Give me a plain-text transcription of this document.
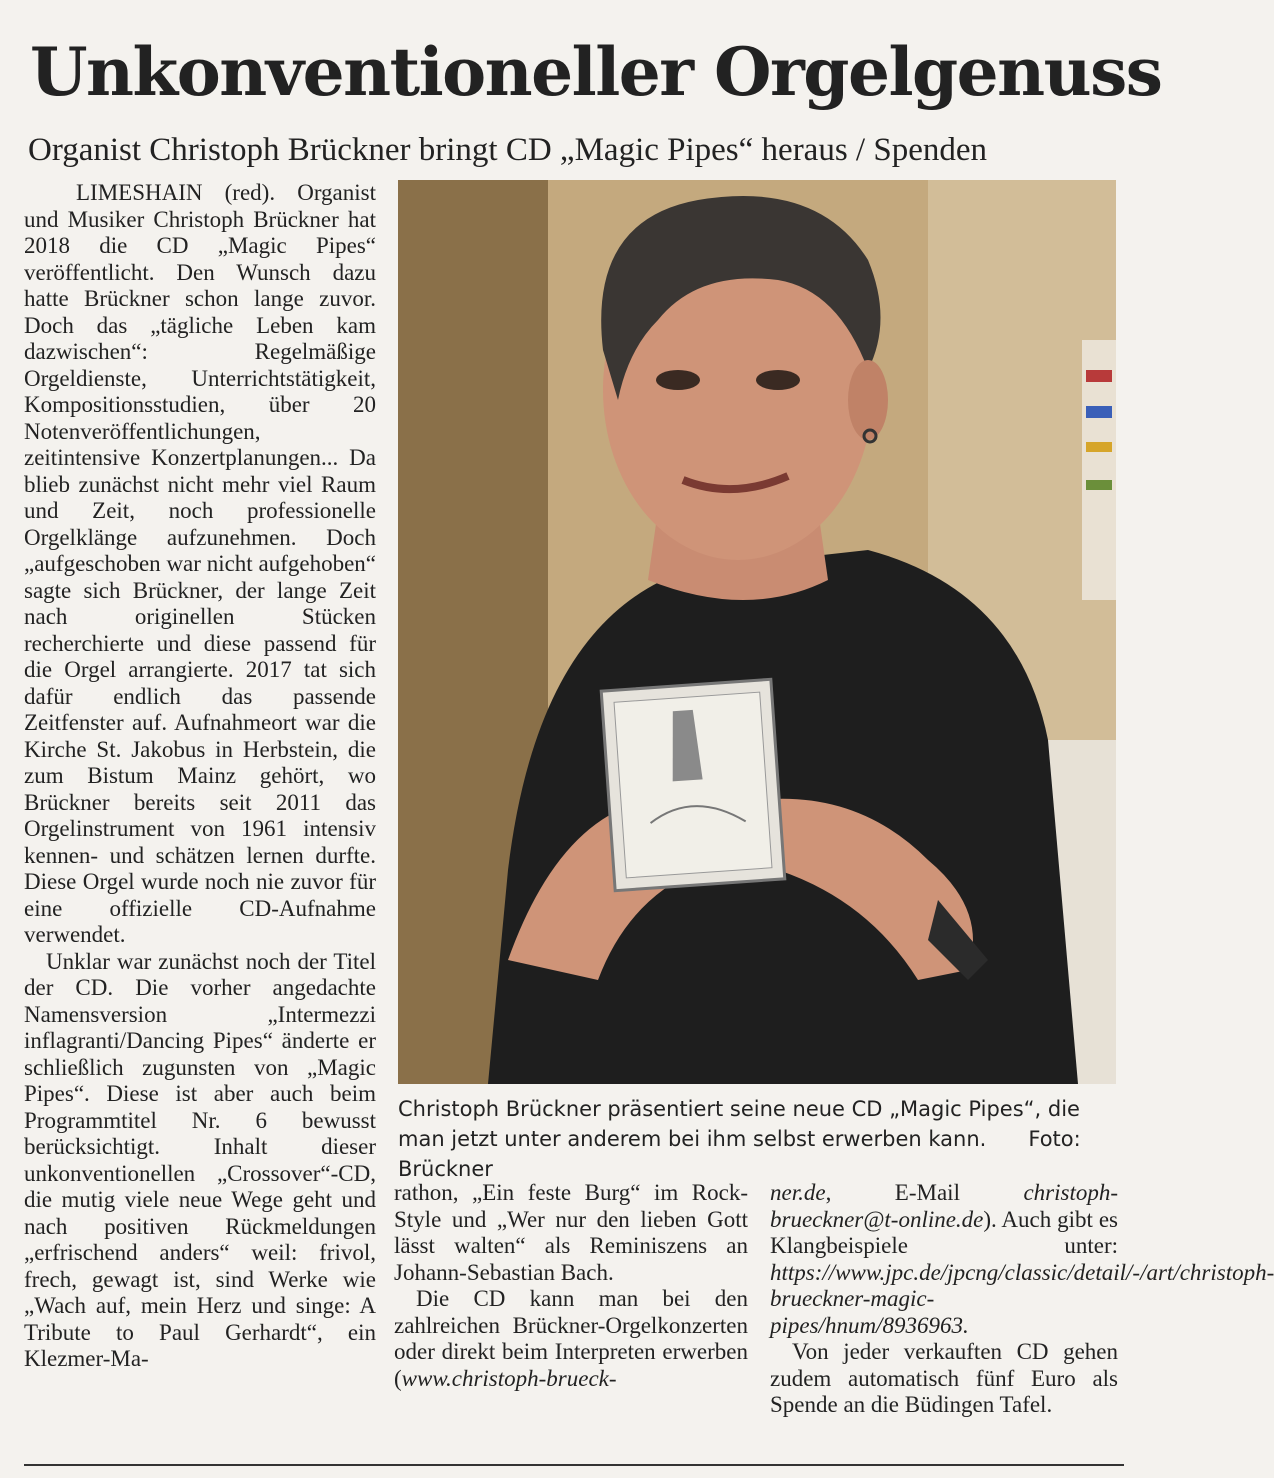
Unkonventioneller Orgelgenuss
Organist Christoph Brückner bringt CD „Magic Pipes“ heraus / Spenden

LIMESHAIN (red). Organist und Musiker Christoph Brückner hat 2018 die CD „Magic Pipes“ veröffentlicht. Den Wunsch dazu hatte Brückner schon lange zuvor. Doch das „tägliche Leben kam dazwischen“: Regelmäßige Orgeldienste, Unterrichtstätigkeit, Kompositionsstudien, über 20 Notenveröffentlichungen, zeitintensive Konzertplanungen... Da blieb zunächst nicht mehr viel Raum und Zeit, noch professionelle Orgelklänge aufzunehmen. Doch „aufgeschoben war nicht aufgehoben“ sagte sich Brückner, der lange Zeit nach originellen Stücken recherchierte und diese passend für die Orgel arrangierte. 2017 tat sich dafür endlich das passende Zeitfenster auf. Aufnahmeort war die Kirche St. Jakobus in Herbstein, die zum Bistum Mainz gehört, wo Brückner bereits seit 2011 das Orgelinstrument von 1961 intensiv kennen- und schätzen lernen durfte. Diese Orgel wurde noch nie zuvor für eine offizielle CD-Aufnahme verwendet.

Unklar war zunächst noch der Titel der CD. Die vorher angedachte Namensversion „Intermezzi inflagranti/Dancing Pipes“ änderte er schließlich zugunsten von „Magic Pipes“. Diese ist aber auch beim Programmtitel Nr. 6 bewusst berücksichtigt. Inhalt dieser unkonventionellen „Crossover“-CD, die mutig viele neue Wege geht und nach positiven Rückmeldungen „erfrischend anders“ weil: frivol, frech, gewagt ist, sind Werke wie „Wach auf, mein Herz und singe: A Tribute to Paul Gerhardt“, ein Klezmer-Ma-

Christoph Brückner präsentiert seine neue CD „Magic Pipes“, die man jetzt unter anderem bei ihm selbst erwerben kann. Foto: Brückner

rathon, „Ein feste Burg“ im Rock-Style und „Wer nur den lieben Gott lässt walten“ als Reminiszens an Johann-Sebastian Bach.

Die CD kann man bei den zahlreichen Brückner-Orgelkonzerten oder direkt beim Interpreten erwerben (www.christoph-brueck-

ner.de, E-Mail christoph-brueckner@t-online.de). Auch gibt es Klangbeispiele unter: https://www.jpc.de/jpcng/classic/detail/-/art/christoph-brueckner-magic-pipes/hnum/8936963.

Von jeder verkauften CD gehen zudem automatisch fünf Euro als Spende an die Büdingen Tafel.
